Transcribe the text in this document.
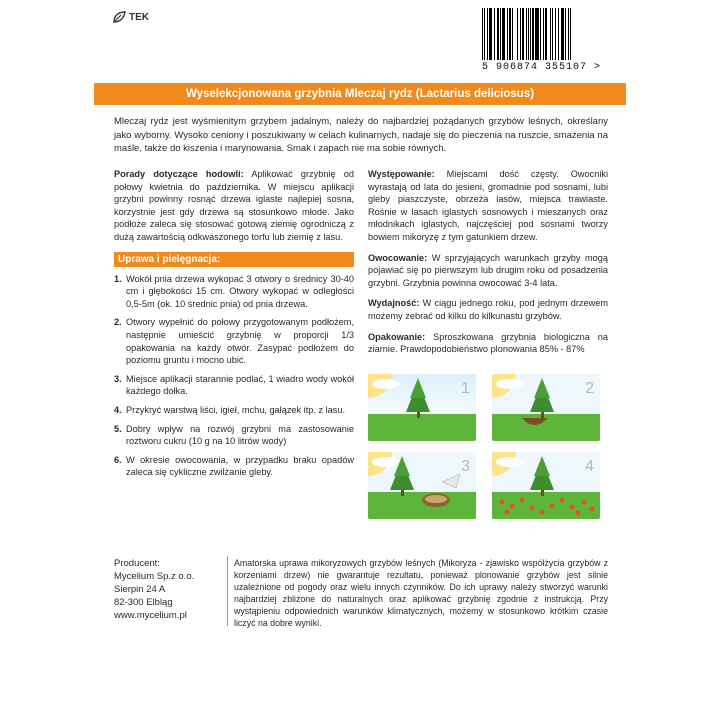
TEK
5 906874 355107 >
Wyselekcjonowana grzybnia Mleczaj rydz (Lactarius deliciosus)
Mleczaj rydz jest wyśmienitym grzybem jadalnym, należy do najbardziej pożądanych grzybów leśnych, określany jako wyborny. Wysoko ceniony i poszukiwany w celach kulinarnych, nadaje się do pieczenia na ruszcie, smażenia na maśle, także do kiszenia i marynowania. Smak i zapach nie ma sobie równych.

Porady dotyczące hodowli: Aplikować grzybnię od połowy kwietnia do października. W miejscu aplikacji grzybni powinny rosnąć drzewa iglaste najlepiej sosna, korzystnie jest gdy drzewa są stosunkowo młode. Jako podłoże zaleca się stosować gotową ziemię ogrodniczą z dużą zawartością odkwaszonego torfu lub ziemię z lasu.

Uprawa i pielęgnacja:
1. Wokół pnia drzewa wykopać 3 otwory o średnicy 30-40 cm i głębokości 15 cm. Otwory wykopać w odległości 0,5-5m (ok. 10 średnic pnia) od pnia drzewa.
2. Otwory wypełnić do połowy przygotowanym podłożem, następnie umieścić grzybnię w proporcji 1/3 opakowania na każdy otwór. Zasypać podłożem do poziomu gruntu i mocno ubić.
3. Miejsce aplikacji starannie podlać, 1 wiadro wody wokół każdego dołka.
4. Przykryć warstwą liści, igieł, mchu, gałązek itp. z lasu.
5. Dobry wpływ na rozwój grzybni ma zastosowanie roztworu cukru (10 g na 10 litrów wody)
6. W okresie owocowania, w przypadku braku opadów zaleca się cykliczne zwilżanie gleby.

Występowanie: Miejscami dość częsty. Owocniki wyrastają od lata do jesieni, gromadnie pod sosnami, lubi gleby piaszczyste, obrzeża lasów, miejsca trawiaste. Rośnie w lasach iglastych sosnowych i mieszanych oraz młodnikach iglastych, najczęściej pod sosnami tworzy bowiem mikoryzę z tym gatunkiem drzew.

Owocowanie: W sprzyjających warunkach grzyby mogą pojawiać się po pierwszym lub drugim roku od posadzenia grzybni. Grzybnia powinna owocować 3-4 lata.

Wydajność: W ciągu jednego roku, pod jednym drzewem możemy zebrać od kilku do kilkunastu grzybów.

Opakowanie: Sproszkowana grzybnia biologiczna na ziarnie. Prawdopodobieństwo plonowania 85% - 87%

1	2
3	4
Producent:
Mycelium Sp.z o.o.
Sierpin 24 A
82-300 Elbląg
www.mycelium.pl
Amatorska uprawa mikoryzowych grzybów leśnych (Mikoryza - zjawisko współżycia grzybów z korzeniami drzew) nie gwarantuje rezultatu, ponieważ plonowanie grzybów jest silnie uzależnione od pogody oraz wielu innych czynników. Do ich uprawy należy stworzyć warunki najbardziej zbliżone do naturalnych oraz aplikować grzybnię zgodnie z instrukcją. Przy wystąpieniu odpowiednich warunków klimatycznych, możemy w stosunkowo krótkim czasie liczyć na dobre wyniki.
